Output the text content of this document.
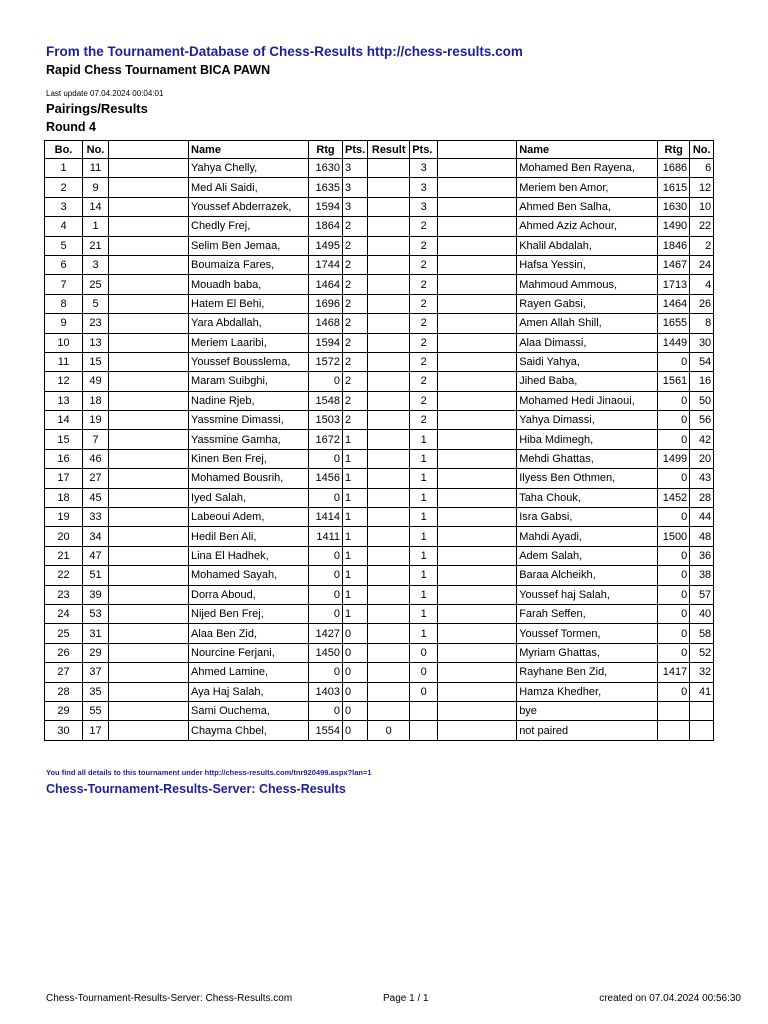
From the Tournament-Database of Chess-Results http://chess-results.com
Rapid Chess Tournament BICA PAWN
Last update 07.04.2024 00:04:01
Pairings/Results
Round 4
Bo.	No.		Name	Rtg	Pts.	Result	Pts.		Name	Rtg	No.
1	11		Yahya Chelly,	1630	3		3		Mohamed Ben Rayena,	1686	6
2	9		Med Ali Saidi,	1635	3		3		Meriem ben Amor,	1615	12
3	14		Youssef Abderrazek,	1594	3		3		Ahmed Ben Salha,	1630	10
4	1		Chedly Frej,	1864	2		2		Ahmed Aziz Achour,	1490	22
5	21		Selim Ben Jemaa,	1495	2		2		Khalil Abdalah,	1846	2
6	3		Boumaiza Fares,	1744	2		2		Hafsa Yessin,	1467	24
7	25		Mouadh baba,	1464	2		2		Mahmoud Ammous,	1713	4
8	5		Hatem El Behi,	1696	2		2		Rayen Gabsi,	1464	26
9	23		Yara Abdallah,	1468	2		2		Amen Allah Shill,	1655	8
10	13		Meriem Laaribi,	1594	2		2		Alaa Dimassi,	1449	30
11	15		Youssef Bousslema,	1572	2		2		Saidi Yahya,	0	54
12	49		Maram Suibghi,	0	2		2		Jihed Baba,	1561	16
13	18		Nadine Rjeb,	1548	2		2		Mohamed Hedi Jinaoui,	0	50
14	19		Yassmine Dimassi,	1503	2		2		Yahya Dimassi,	0	56
15	7		Yassmine Gamha,	1672	1		1		Hiba Mdimegh,	0	42
16	46		Kinen Ben Frej,	0	1		1		Mehdi Ghattas,	1499	20
17	27		Mohamed Bousrih,	1456	1		1		Ilyess Ben Othmen,	0	43
18	45		Iyed Salah,	0	1		1		Taha Chouk,	1452	28
19	33		Labeoui Adem,	1414	1		1		Isra Gabsi,	0	44
20	34		Hedil Ben Ali,	1411	1		1		Mahdi Ayadi,	1500	48
21	47		Lina El Hadhek,	0	1		1		Adem Salah,	0	36
22	51		Mohamed Sayah,	0	1		1		Baraa Alcheikh,	0	38
23	39		Dorra Aboud,	0	1		1		Youssef haj Salah,	0	57
24	53		Nijed Ben Frej,	0	1		1		Farah Seffen,	0	40
25	31		Alaa Ben Zid,	1427	0		1		Youssef Tormen,	0	58
26	29		Nourcine Ferjani,	1450	0		0		Myriam Ghattas,	0	52
27	37		Ahmed Lamine,	0	0		0		Rayhane Ben Zid,	1417	32
28	35		Aya Haj Salah,	1403	0		0		Hamza Khedher,	0	41
29	55		Sami Ouchema,	0	0				bye		
30	17		Chayma Chbel,	1554	0	0			not paired		
You find all details to this tournament under http://chess-results.com/tnr920499.aspx?lan=1
Chess-Tournament-Results-Server: Chess-Results
Chess-Tournament-Results-Server: Chess-Results.com	Page 1 / 1	created on 07.04.2024 00:56:30
